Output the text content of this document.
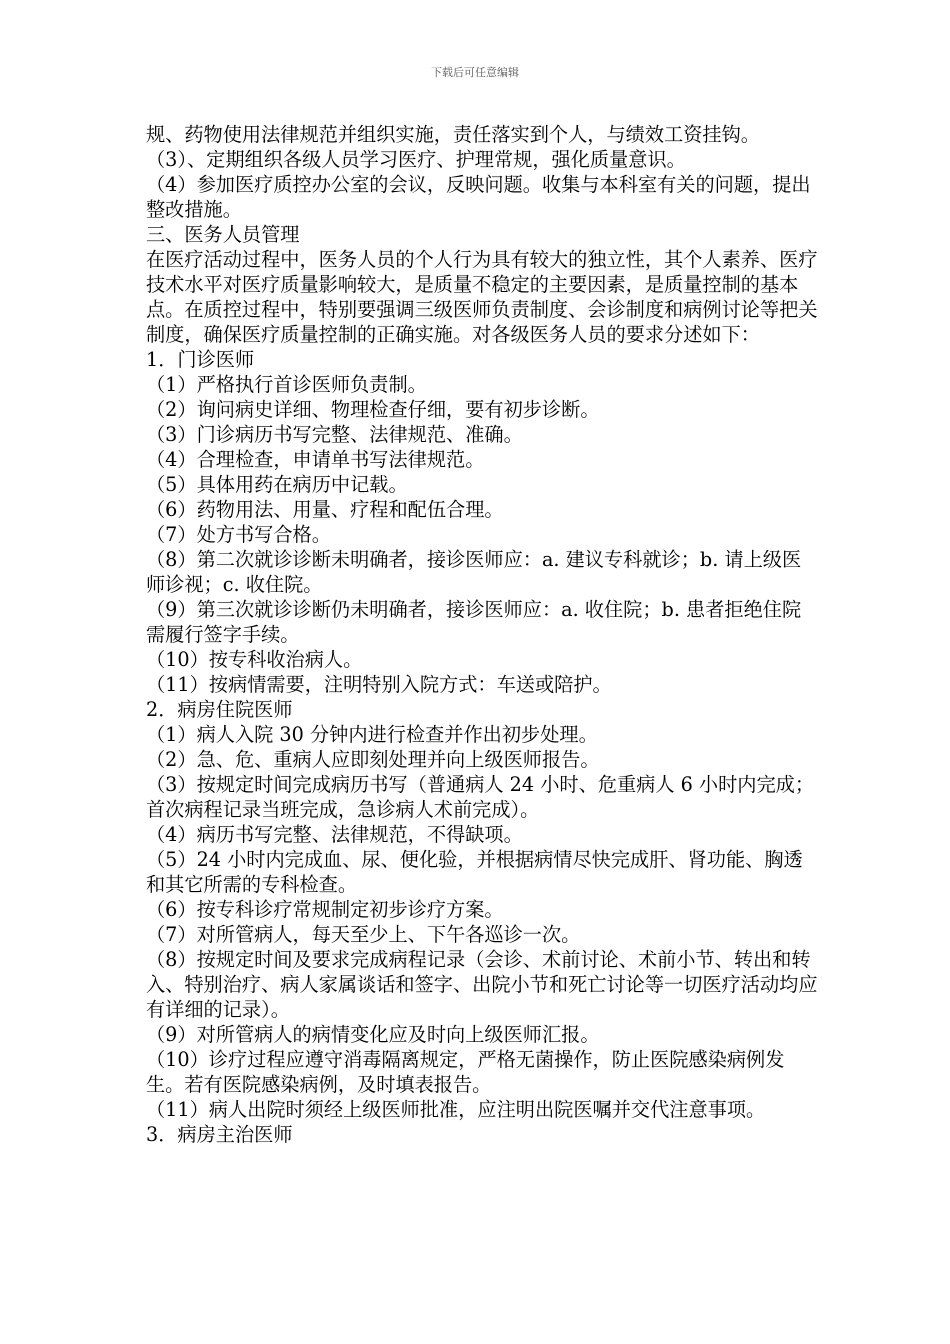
下载后可任意编辑

规、药物使用法律规范并组织实施，责任落实到个人，与绩效工资挂钩。

（3）、定期组织各级人员学习医疗、护理常规，强化质量意识。

（4）参加医疗质控办公室的会议，反映问题。收集与本科室有关的问题，提出整改措施。

三、医务人员管理

在医疗活动过程中，医务人员的个人行为具有较大的独立性，其个人素养、医疗技术水平对医疗质量影响较大，是质量不稳定的主要因素，是质量控制的基本点。在质控过程中，特别要强调三级医师负责制度、会诊制度和病例讨论等把关制度，确保医疗质量控制的正确实施。对各级医务人员的要求分述如下：

1．门诊医师

（1）严格执行首诊医师负责制。

（2）询问病史详细、物理检查仔细，要有初步诊断。

（3）门诊病历书写完整、法律规范、准确。

（4）合理检查，申请单书写法律规范。

（5）具体用药在病历中记载。

（6）药物用法、用量、疗程和配伍合理。

（7）处方书写合格。

（8）第二次就诊诊断未明确者，接诊医师应：a. 建议专科就诊；b. 请上级医师诊视；c. 收住院。

（9）第三次就诊诊断仍未明确者，接诊医师应：a. 收住院；b. 患者拒绝住院需履行签字手续。

（10）按专科收治病人。

（11）按病情需要，注明特别入院方式：车送或陪护。

2．病房住院医师

（1）病人入院 30 分钟内进行检查并作出初步处理。

（2）急、危、重病人应即刻处理并向上级医师报告。

（3）按规定时间完成病历书写（普通病人 24 小时、危重病人 6 小时内完成；首次病程记录当班完成，急诊病人术前完成）。

（4）病历书写完整、法律规范，不得缺项。

（5）24 小时内完成血、尿、便化验，并根据病情尽快完成肝、肾功能、胸透和其它所需的专科检查。

（6）按专科诊疗常规制定初步诊疗方案。

（7）对所管病人，每天至少上、下午各巡诊一次。

（8）按规定时间及要求完成病程记录（会诊、术前讨论、术前小节、转出和转入、特别治疗、病人家属谈话和签字、出院小节和死亡讨论等一切医疗活动均应有详细的记录）。

（9）对所管病人的病情变化应及时向上级医师汇报。

（10）诊疗过程应遵守消毒隔离规定，严格无菌操作，防止医院感染病例发生。若有医院感染病例，及时填表报告。

（11）病人出院时须经上级医师批准，应注明出院医嘱并交代注意事项。

3．病房主治医师
